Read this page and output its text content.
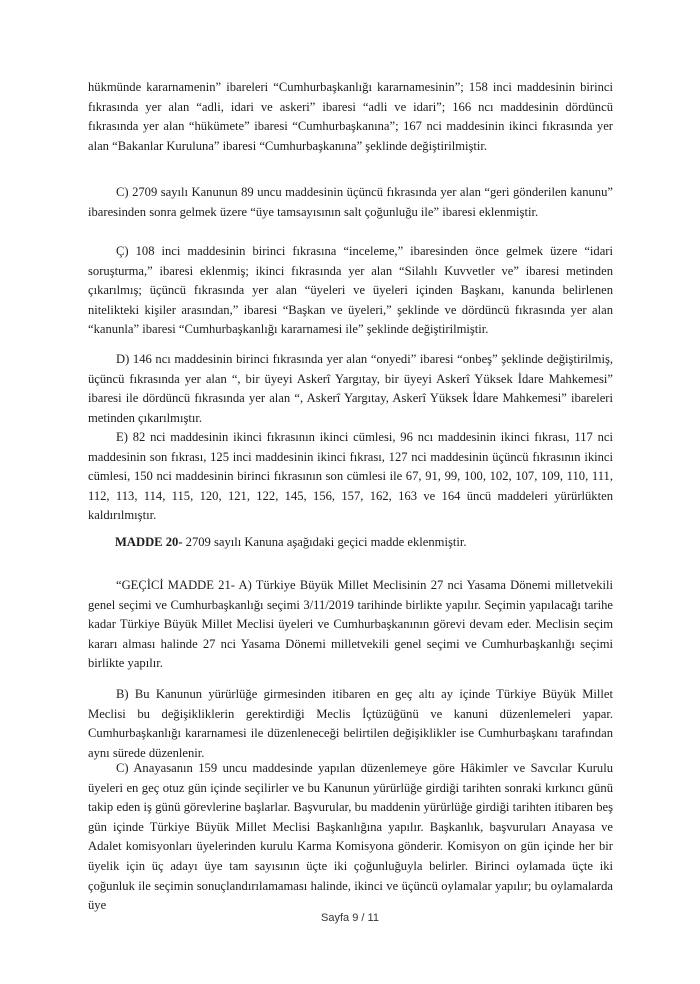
hükmünde kararnamenin” ibareleri “Cumhurbaşkanlığı kararnamesinin”; 158 inci maddesinin birinci fıkrasında yer alan “adli, idari ve askeri” ibaresi “adli ve idari”; 166 ncı maddesinin dördüncü fıkrasında yer alan “hükümete” ibaresi “Cumhurbaşkanına”; 167 nci maddesinin ikinci fıkrasında yer alan “Bakanlar Kuruluna” ibaresi “Cumhurbaşkanına” şeklinde değiştirilmiştir.

C) 2709 sayılı Kanunun 89 uncu maddesinin üçüncü fıkrasında yer alan “geri gönderilen kanunu” ibaresinden sonra gelmek üzere “üye tamsayısının salt çoğunluğu ile” ibaresi eklenmiştir.

Ç) 108 inci maddesinin birinci fıkrasına “inceleme,” ibaresinden önce gelmek üzere “idari soruşturma,” ibaresi eklenmiş; ikinci fıkrasında yer alan “Silahlı Kuvvetler ve” ibaresi metinden çıkarılmış; üçüncü fıkrasında yer alan “üyeleri ve üyeleri içinden Başkanı, kanunda belirlenen nitelikteki kişiler arasından,” ibaresi “Başkan ve üyeleri,” şeklinde ve dördüncü fıkrasında yer alan “kanunla” ibaresi “Cumhurbaşkanlığı kararnamesi ile” şeklinde değiştirilmiştir.

D) 146 ncı maddesinin birinci fıkrasında yer alan “onyedi” ibaresi “onbeş” şeklinde değiştirilmiş, üçüncü fıkrasında yer alan “, bir üyeyi Askerî Yargıtay, bir üyeyi Askerî Yüksek İdare Mahkemesi” ibaresi ile dördüncü fıkrasında yer alan “, Askerî Yargıtay, Askerî Yüksek İdare Mahkemesi” ibareleri metinden çıkarılmıştır.

E) 82 nci maddesinin ikinci fıkrasının ikinci cümlesi, 96 ncı maddesinin ikinci fıkrası, 117 nci maddesinin son fıkrası, 125 inci maddesinin ikinci fıkrası, 127 nci maddesinin üçüncü fıkrasının ikinci cümlesi, 150 nci maddesinin birinci fıkrasının son cümlesi ile 67, 91, 99, 100, 102, 107, 109, 110, 111, 112, 113, 114, 115, 120, 121, 122, 145, 156, 157, 162, 163 ve 164 üncü maddeleri yürürlükten kaldırılmıştır.

MADDE 20- 2709 sayılı Kanuna aşağıdaki geçici madde eklenmiştir.

“GEÇİCİ MADDE 21- A) Türkiye Büyük Millet Meclisinin 27 nci Yasama Dönemi milletvekili genel seçimi ve Cumhurbaşkanlığı seçimi 3/11/2019 tarihinde birlikte yapılır. Seçimin yapılacağı tarihe kadar Türkiye Büyük Millet Meclisi üyeleri ve Cumhurbaşkanının görevi devam eder. Meclisin seçim kararı alması halinde 27 nci Yasama Dönemi milletvekili genel seçimi ve Cumhurbaşkanlığı seçimi birlikte yapılır.

B) Bu Kanunun yürürlüğe girmesinden itibaren en geç altı ay içinde Türkiye Büyük Millet Meclisi bu değişikliklerin gerektirdiği Meclis İçtüzüğünü ve kanuni düzenlemeleri yapar. Cumhurbaşkanlığı kararnamesi ile düzenleneceği belirtilen değişiklikler ise Cumhurbaşkanı tarafından aynı sürede düzenlenir.

C) Anayasanın 159 uncu maddesinde yapılan düzenlemeye göre Hâkimler ve Savcılar Kurulu üyeleri en geç otuz gün içinde seçilirler ve bu Kanunun yürürlüğe girdiği tarihten sonraki kırkıncı günü takip eden iş günü görevlerine başlarlar. Başvurular, bu maddenin yürürlüğe girdiği tarihten itibaren beş gün içinde Türkiye Büyük Millet Meclisi Başkanlığına yapılır. Başkanlık, başvuruları Anayasa ve Adalet komisyonları üyelerinden kurulu Karma Komisyona gönderir. Komisyon on gün içinde her bir üyelik için üç adayı üye tam sayısının üçte iki çoğunluğuyla belirler. Birinci oylamada üçte iki çoğunluk ile seçimin sonuçlandırılamaması halinde, ikinci ve üçüncü oylamalar yapılır; bu oylamalarda üye

Sayfa 9 / 11
